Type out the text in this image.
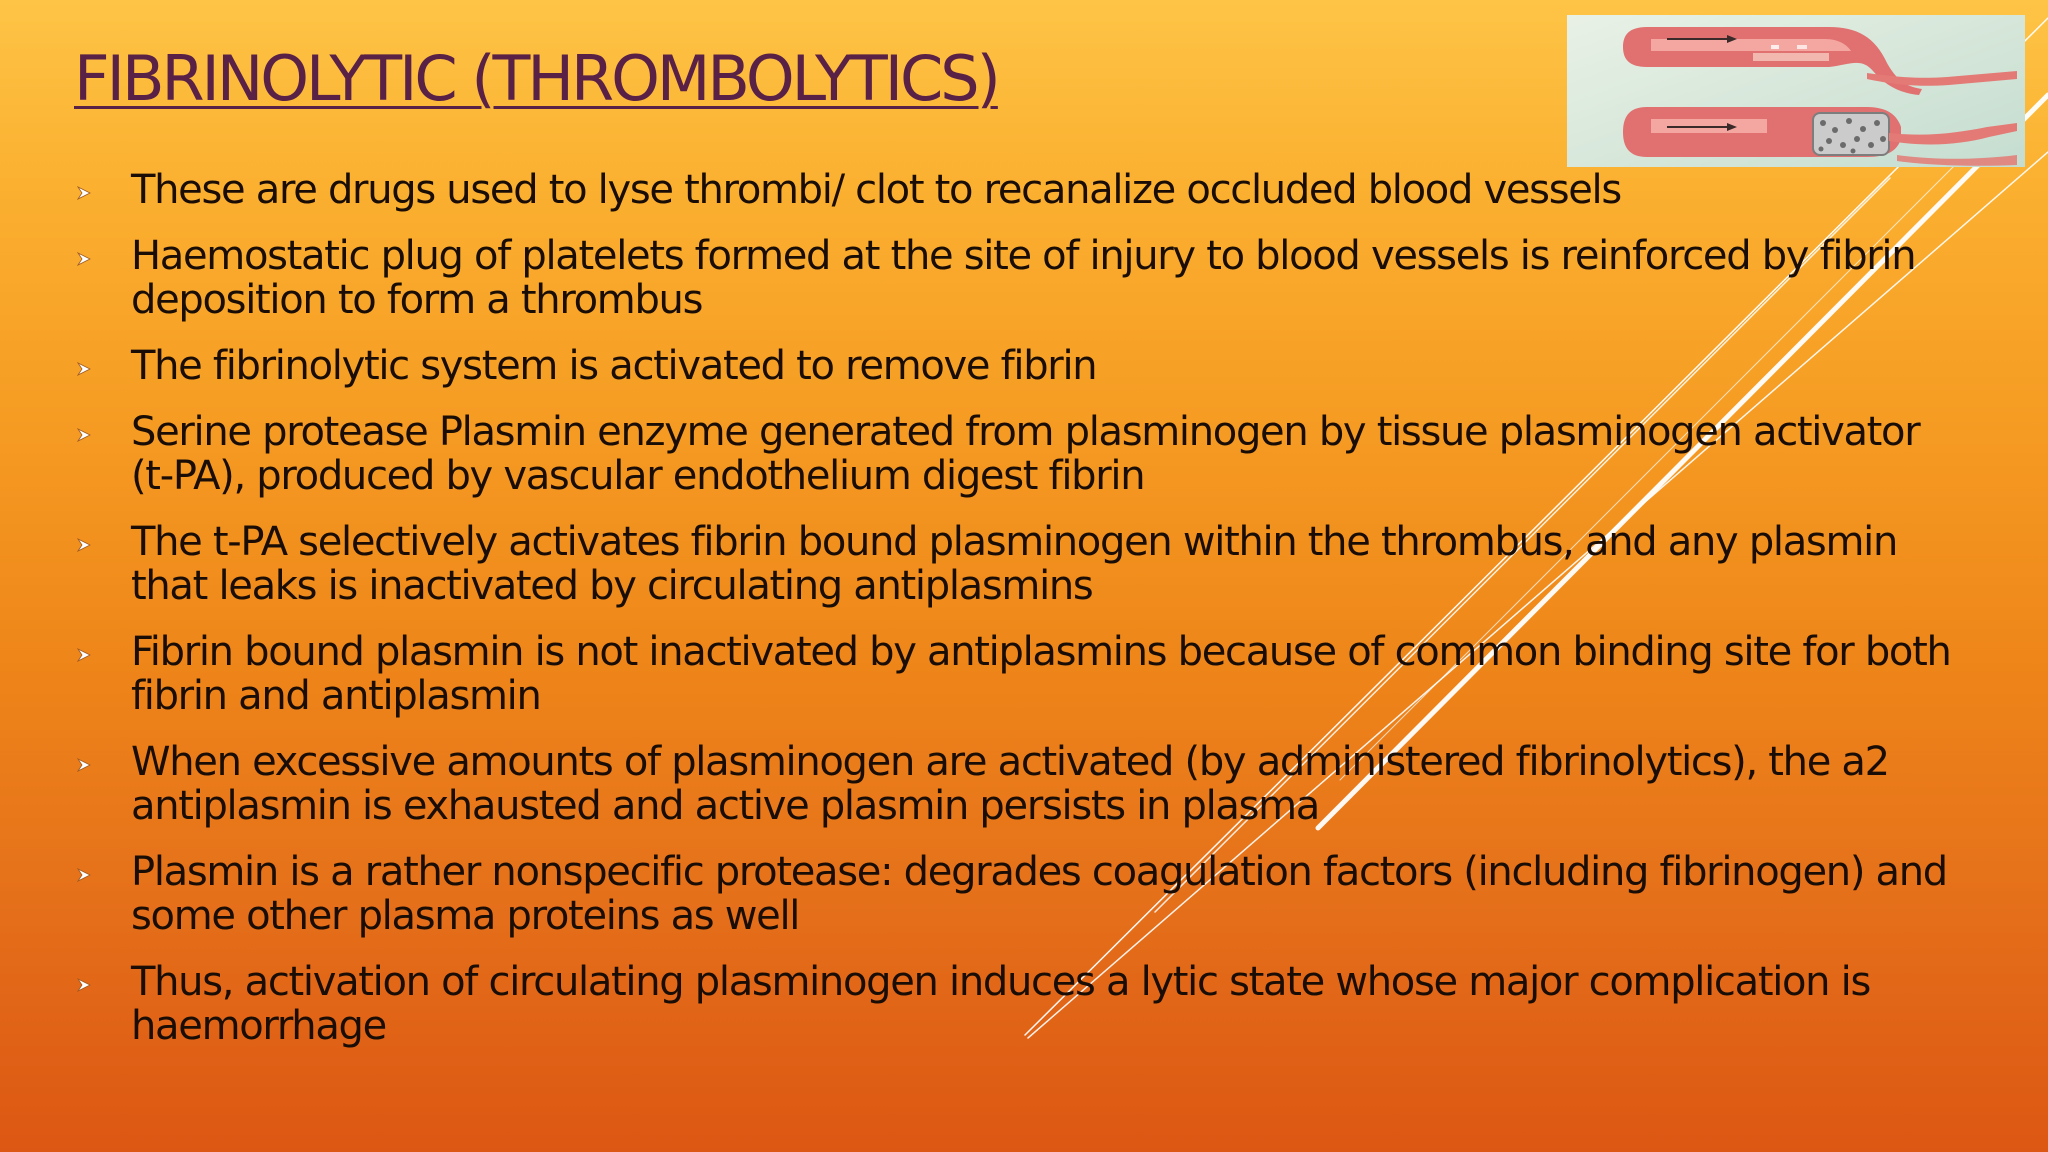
FIBRINOLYTIC (THROMBOLYTICS)
These are drugs used to lyse thrombi/ clot to recanalize occluded blood vessels
Haemostatic plug of platelets formed at the site of injury to blood vessels is reinforced by fibrin deposition to form a thrombus
The fibrinolytic system is activated to remove fibrin
Serine protease Plasmin enzyme generated from plasminogen by tissue plasminogen activator (t-PA), produced by vascular endothelium digest fibrin
The t-PA selectively activates fibrin bound plasminogen within the thrombus, and any plasmin that leaks is inactivated by circulating antiplasmins
Fibrin bound plasmin is not inactivated by antiplasmins because of common binding site for both fibrin and antiplasmin
When excessive amounts of plasminogen are activated (by administered fibrinolytics), the a2 antiplasmin is exhausted and active plasmin persists in plasma
Plasmin is a rather nonspecific protease: degrades coagulation factors (including fibrinogen) and some other plasma proteins as well
Thus, activation of circulating plasminogen induces a lytic state whose major complication is haemorrhage
